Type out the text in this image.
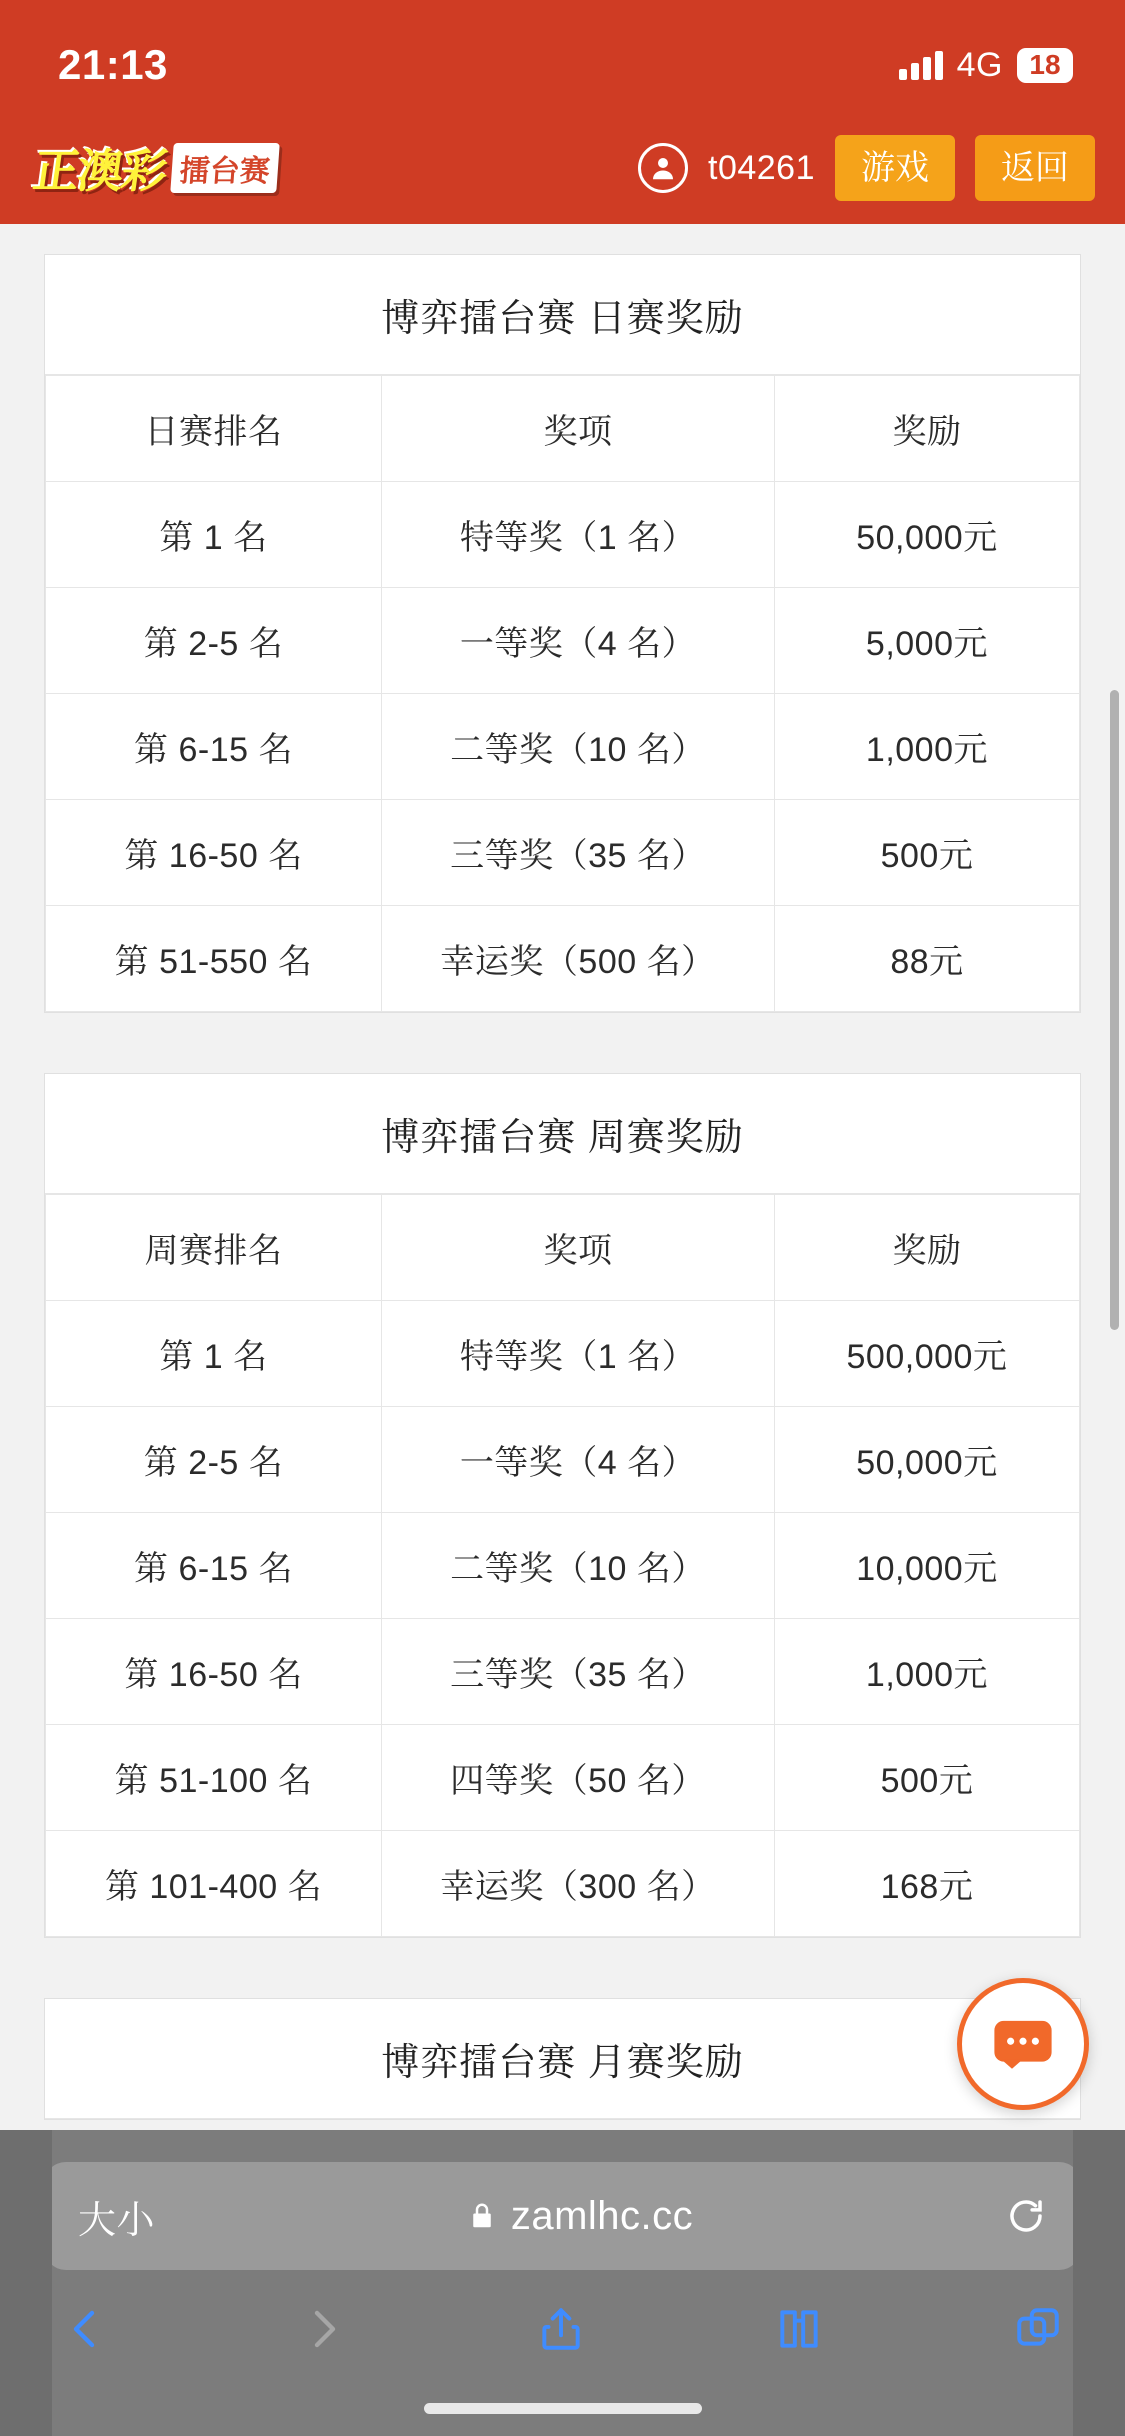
21:13	4G 18
正澳彩 擂台赛	t04261	游戏	返回
博弈擂台赛 日赛奖励
日赛排名	奖项	奖励
第 1 名	特等奖（1 名）	50,000元
第 2-5 名	一等奖（4 名）	5,000元
第 6-15 名	二等奖（10 名）	1,000元
第 16-50 名	三等奖（35 名）	500元
第 51-550 名	幸运奖（500 名）	88元
博弈擂台赛 周赛奖励
周赛排名	奖项	奖励
第 1 名	特等奖（1 名）	500,000元
第 2-5 名	一等奖（4 名）	50,000元
第 6-15 名	二等奖（10 名）	10,000元
第 16-50 名	三等奖（35 名）	1,000元
第 51-100 名	四等奖（50 名）	500元
第 101-400 名	幸运奖（300 名）	168元
博弈擂台赛 月赛奖励
大小	zamlhc.cc
